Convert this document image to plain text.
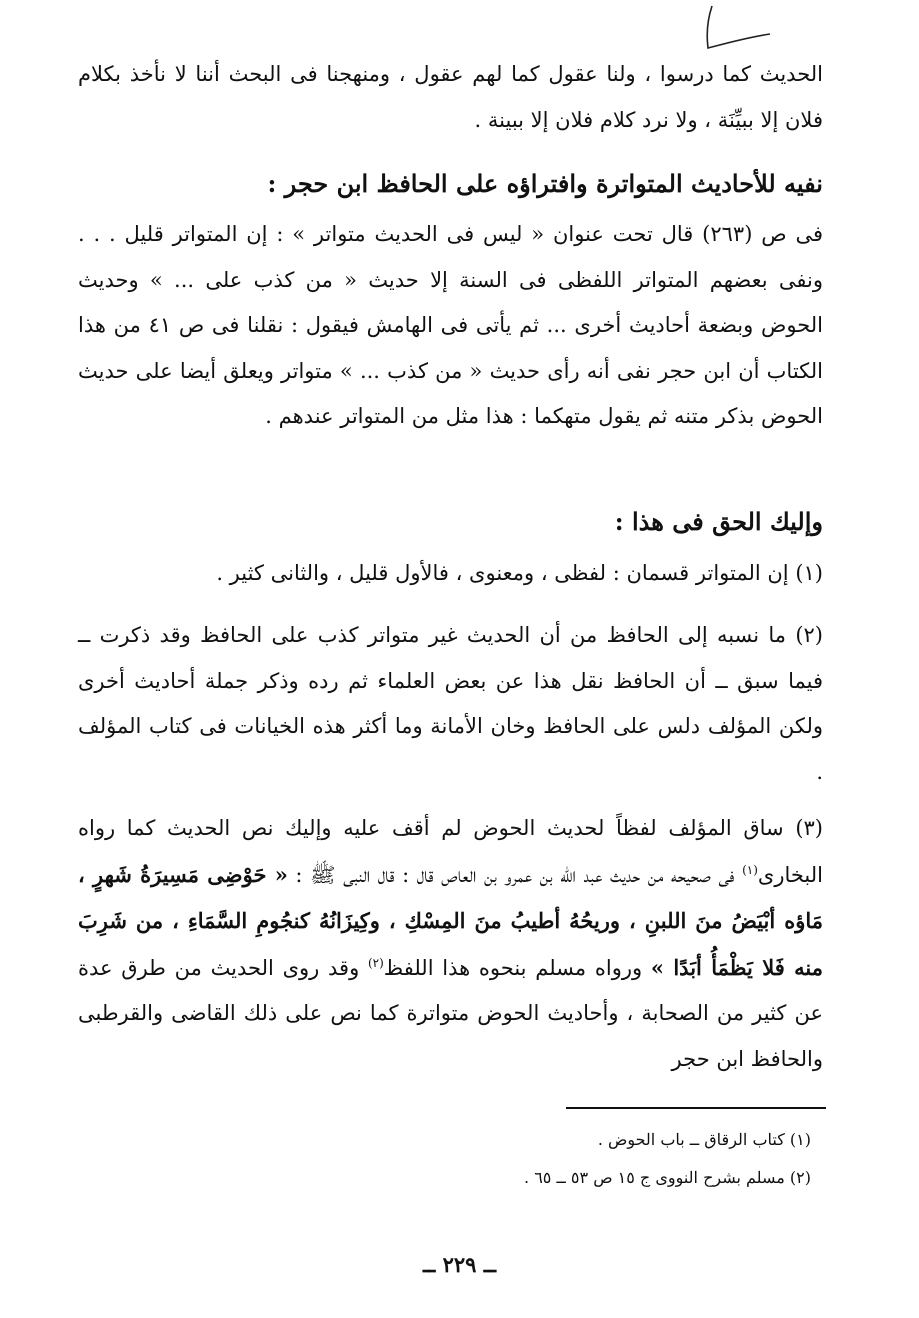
الحديث كما درسوا ، ولنا عقول كما لهم عقول ، ومنهجنا فى البحث أننا لا نأخذ بكلام فلان إلا ببيِّنَة ، ولا نرد كلام فلان إلا ببينة .
نفيه للأحاديث المتواترة وافتراؤه على الحافظ ابن حجر :
فى ص (٢٦٣) قال تحت عنوان « ليس فى الحديث متواتر » : إن المتواتر قليل . . . ونفى بعضهم المتواتر اللفظى فى السنة إلا حديث « من كذب على ... » وحديث الحوض وبضعة أحاديث أخرى ... ثم يأتى فى الهامش فيقول : نقلنا فى ص ٤١ من هذا الكتاب أن ابن حجر نفى أنه رأى حديث « من كذب ... » متواتر ويعلق أيضا على حديث الحوض بذكر متنه ثم يقول متهكما : هذا مثل من المتواتر عندهم .
وإليك الحق فى هذا :
(١) إن المتواتر قسمان : لفظى ، ومعنوى ، فالأول قليل ، والثانى كثير .
(٢) ما نسبه إلى الحافظ من أن الحديث غير متواتر كذب على الحافظ وقد ذكرت ــ فيما سبق ــ أن الحافظ نقل هذا عن بعض العلماء ثم رده وذكر جملة أحاديث أخرى ولكن المؤلف دلس على الحافظ وخان الأمانة وما أكثر هذه الخيانات فى كتاب المؤلف .
(٣) ساق المؤلف لفظاً لحديث الحوض لم أقف عليه وإليك نص الحديث كما رواه البخارى$^{(١)}$ فى صحيحه من حديث عبد الله بن عمرو بن العاص قال : قال النبى ﷺ : « حَوْضِى مَسِيرَةُ شَهرٍ ، مَاؤه أبْيَضُ منَ اللبنِ ، وريحُهُ أطيبُ منَ المِسْكِ ، وكِيزَانُهُ كنجُومِ السَّمَاءِ ، من شَرِبَ منه فَلا يَظْمَأُ أبَدًا » ورواه مسلم بنحوه هذا اللفظ$^{(٢)}$ وقد روى الحديث من طرق عدة عن كثير من الصحابة ، وأحاديث الحوض متواترة كما نص على ذلك القاضى والقرطبى والحافظ ابن حجر
(١) كتاب الرقاق ــ باب الحوض .
(٢) مسلم بشرح النووى ج ١٥ ص ٥٣ ــ ٦٥ .
ــ ٢٢٩ ــ
